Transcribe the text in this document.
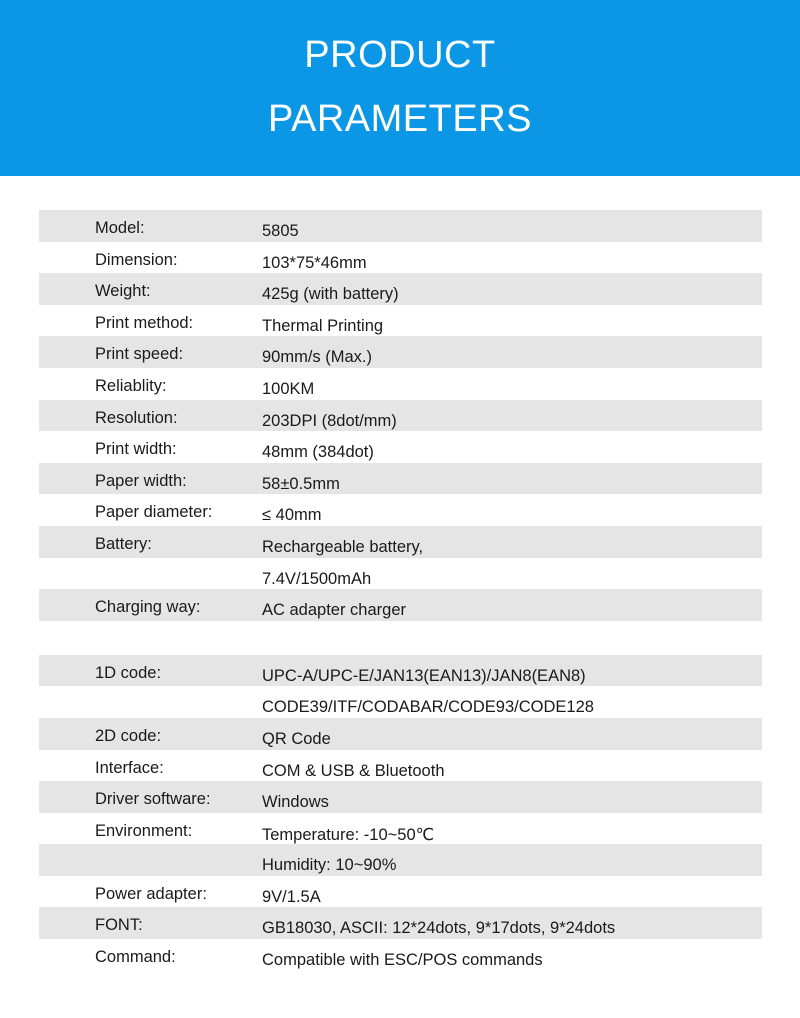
PRODUCT
PARAMETERS
Model:	5805
Dimension:	103*75*46mm
Weight:	425g (with battery)
Print method:	Thermal Printing
Print speed:	90mm/s (Max.)
Reliablity:	100KM
Resolution:	203DPI (8dot/mm)
Print width:	48mm (384dot)
Paper width:	58±0.5mm
Paper diameter:	≤ 40mm
Battery:	Rechargeable battery,
7.4V/1500mAh
Charging way:	AC adapter charger
1D code:	UPC-A/UPC-E/JAN13(EAN13)/JAN8(EAN8)
CODE39/ITF/CODABAR/CODE93/CODE128
2D code:	QR Code
Interface:	COM & USB & Bluetooth
Driver software:	Windows
Environment:	Temperature: -10~50℃
Humidity: 10~90%
Power adapter:	9V/1.5A
FONT:	GB18030, ASCII: 12*24dots, 9*17dots, 9*24dots
Command:	Compatible with ESC/POS commands
